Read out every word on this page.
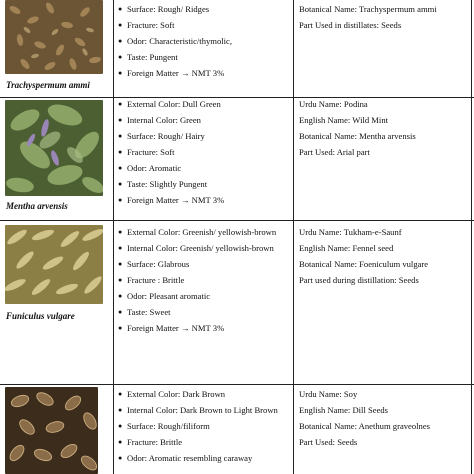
Trachyspermum ammi
● Surface: Rough/ Ridges
● Fracture: Soft
● Odor: Characteristic/thymolic,
● Taste: Pungent
● Foreign Matter → NMT 3%
Botanical Name: Trachyspermum ammi
Part Used in distillates: Seeds
Mentha arvensis
● External Color: Dull Green
● Internal Color: Green
● Surface: Rough/ Hairy
● Fracture: Soft
● Odor: Aromatic
● Taste: Slightly Pungent
● Foreign Matter → NMT 3%
Urdu Name: Podina
English Name: Wild Mint
Botanical Name: Mentha arvensis
Part Used: Arial part
Funiculus vulgare
● External Color: Greenish/ yellowish-brown
● Internal Color: Greenish/ yellowish-brown
● Surface: Glabrous
● Fracture : Brittle
● Odor: Pleasant aromatic
● Taste: Sweet
● Foreign Matter → NMT 3%
Urdu Name: Tukham-e-Saunf
English Name: Fennel seed
Botanical Name: Foeniculum vulgare
Part used during distillation: Seeds
● External Color: Dark Brown
● Internal Color: Dark Brown to Light Brown
● Surface: Rough/filiform
● Fracture: Brittle
● Odor: Aromatic resembling caraway
Urdu Name: Soy
English Name: Dill Seeds
Botanical Name: Anethum graveolnes
Part Used: Seeds
